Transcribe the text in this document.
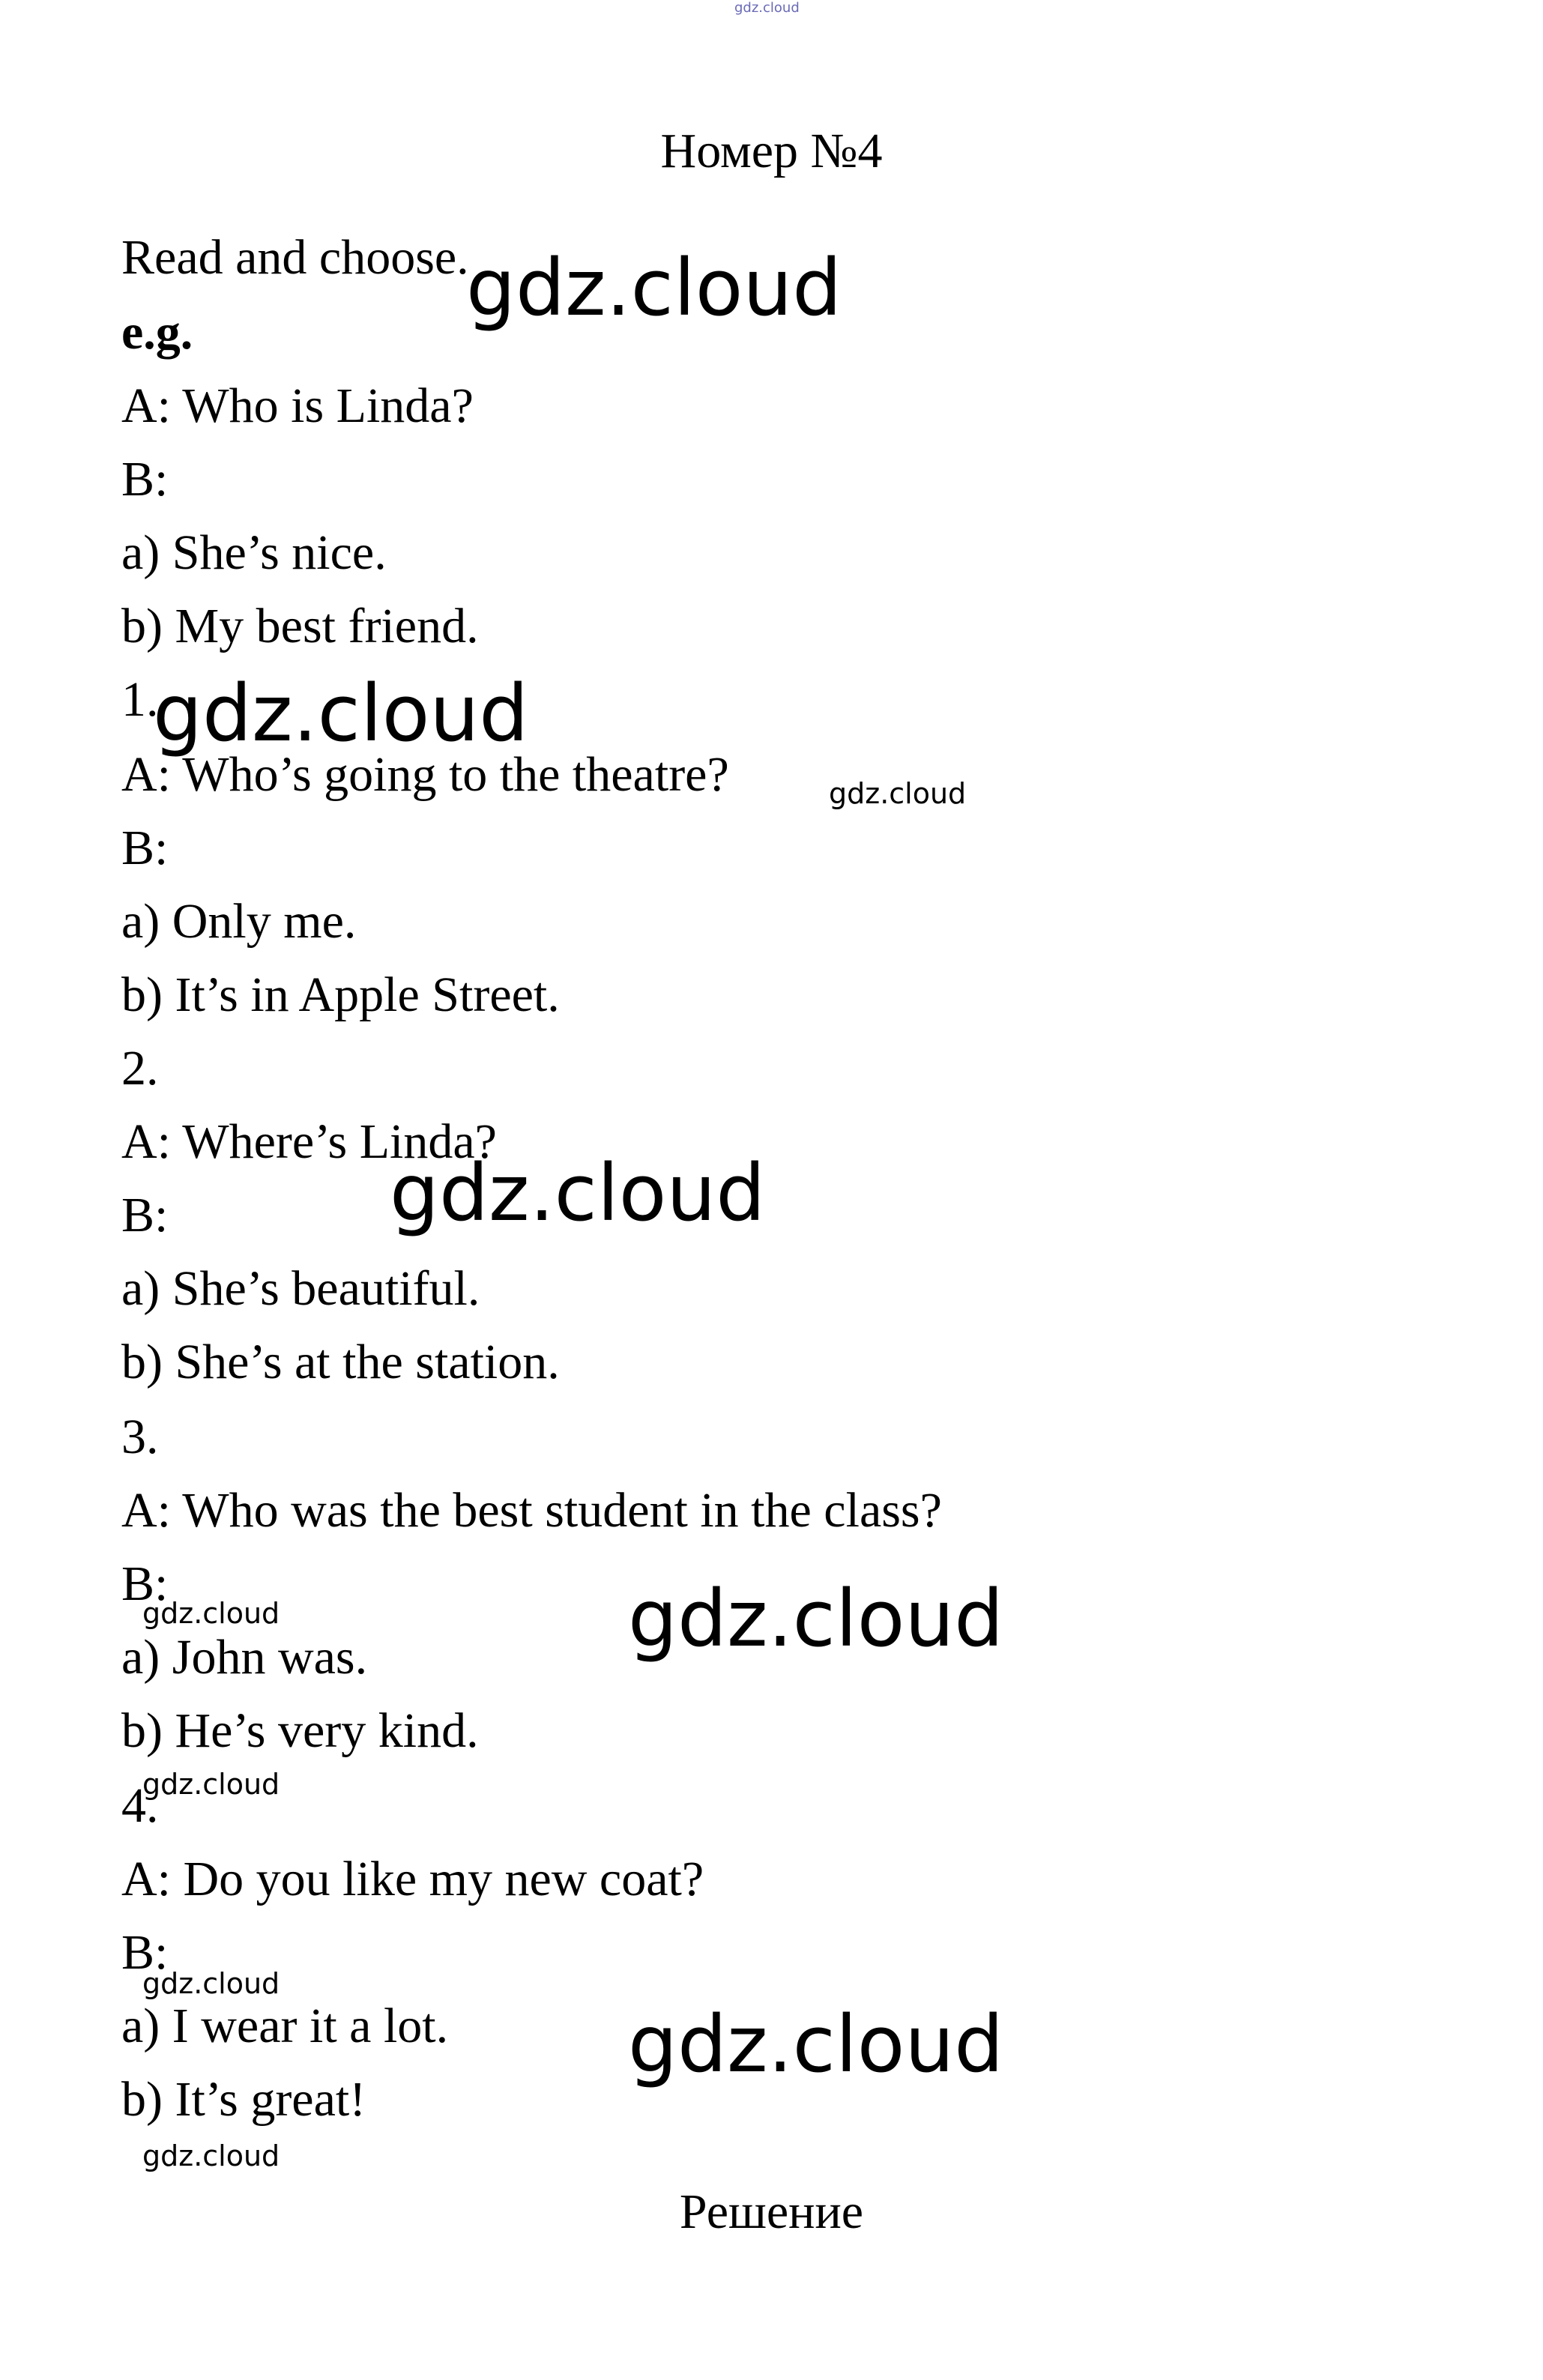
gdz.cloud
Номер №4

Read and choose.

e.g.

A: Who is Linda?

B:

a) She’s nice.

b) My best friend.

1.

A: Who’s going to the theatre?

B:

a) Only me.

b) It’s in Apple Street.

2.

A: Where’s Linda?

B:

a) She’s beautiful.

b) She’s at the station.

3.

A: Who was the best student in the class?

B:

a) John was.

b) He’s very kind.

4.

A: Do you like my new coat?

B:

a) I wear it a lot.

b) It’s great!

Решение
gdz.cloud
gdz.cloud
gdz.cloud
gdz.cloud
gdz.cloud	gdz.cloud
gdz.cloud
gdz.cloud
gdz.cloud
gdz.cloud
